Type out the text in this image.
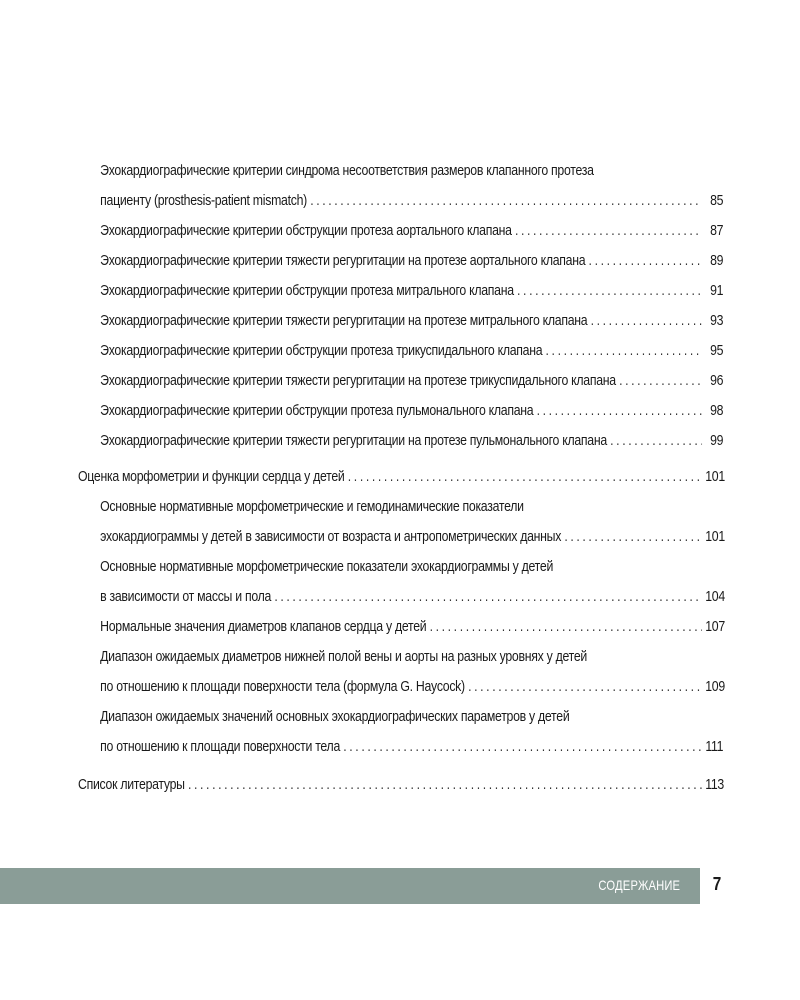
Эхокардиографические критерии синдрома несоответствия размеров клапанного протеза
пациенту (prosthesis-patient mismatch) . . .	85
Эхокардиографические критерии обструкции протеза аортального клапана . . .	87
Эхокардиографические критерии тяжести регургитации на протезе аортального клапана . . .	89
Эхокардиографические критерии обструкции протеза митрального клапана . . .	91
Эхокардиографические критерии тяжести регургитации на протезе митрального клапана . . .	93
Эхокардиографические критерии обструкции протеза трикуспидального клапана . . .	95
Эхокардиографические критерии тяжести регургитации на протезе трикуспидального клапана . . .	96
Эхокардиографические критерии обструкции протеза пульмонального клапана . . .	98
Эхокардиографические критерии тяжести регургитации на протезе пульмонального клапана . . .	99
Оценка морфометрии и функции сердца у детей . . .	101
Основные нормативные морфометрические и гемодинамические показатели
эхокардиограммы у детей в зависимости от возраста и антропометрических данных . . .	101
Основные нормативные морфометрические показатели эхокардиограммы у детей
в зависимости от массы и пола . . .	104
Нормальные значения диаметров клапанов сердца у детей . . .	107
Диапазон ожидаемых диаметров нижней полой вены и аорты на разных уровнях у детей
по отношению к площади поверхности тела (формула G. Haycock) . . .	109
Диапазон ожидаемых значений основных эхокардиографических параметров у детей
по отношению к площади поверхности тела . . .	111
Список литературы . . .	113
СОДЕРЖАНИЕ 7
